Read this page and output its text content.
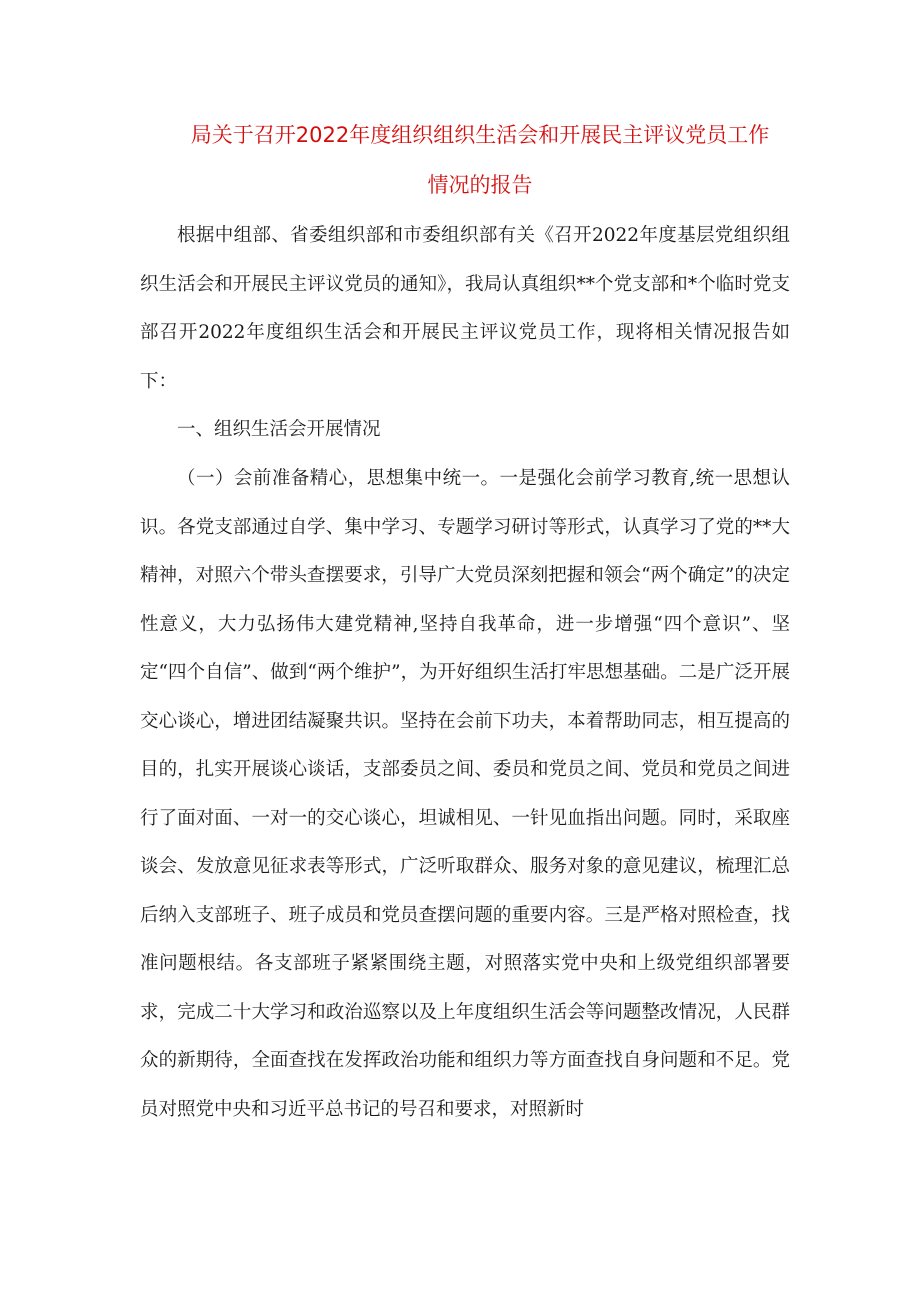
局关于召开2022年度组织组织生活会和开展民主评议党员工作
情况的报告
根据中组部、省委组织部和市委组织部有关《召开2022年度基层党组织组织生活会和开展民主评议党员的通知》，我局认真组织**个党支部和*个临时党支部召开2022年度组织生活会和开展民主评议党员工作，现将相关情况报告如下：
一、组织生活会开展情况
（一）会前准备精心，思想集中统一。一是强化会前学习教育,统一思想认识。各党支部通过自学、集中学习、专题学习研讨等形式，认真学习了党的**大精神，对照六个带头查摆要求，引导广大党员深刻把握和领会“两个确定”的决定性意义，大力弘扬伟大建党精神,坚持自我革命，进一步增强“四个意识”、坚定“四个自信”、做到“两个维护”，为开好组织生活打牢思想基础。二是广泛开展交心谈心，增进团结凝聚共识。坚持在会前下功夫，本着帮助同志，相互提高的目的，扎实开展谈心谈话，支部委员之间、委员和党员之间、党员和党员之间进行了面对面、一对一的交心谈心，坦诚相见、一针见血指出问题。同时，采取座谈会、发放意见征求表等形式，广泛听取群众、服务对象的意见建议，梳理汇总后纳入支部班子、班子成员和党员查摆问题的重要内容。三是严格对照检查，找准问题根结。各支部班子紧紧围绕主题，对照落实党中央和上级党组织部署要求，完成二十大学习和政治巡察以及上年度组织生活会等问题整改情况，人民群众的新期待，全面查找在发挥政治功能和组织力等方面查找自身问题和不足。党员对照党中央和习近平总书记的号召和要求，对照新时
